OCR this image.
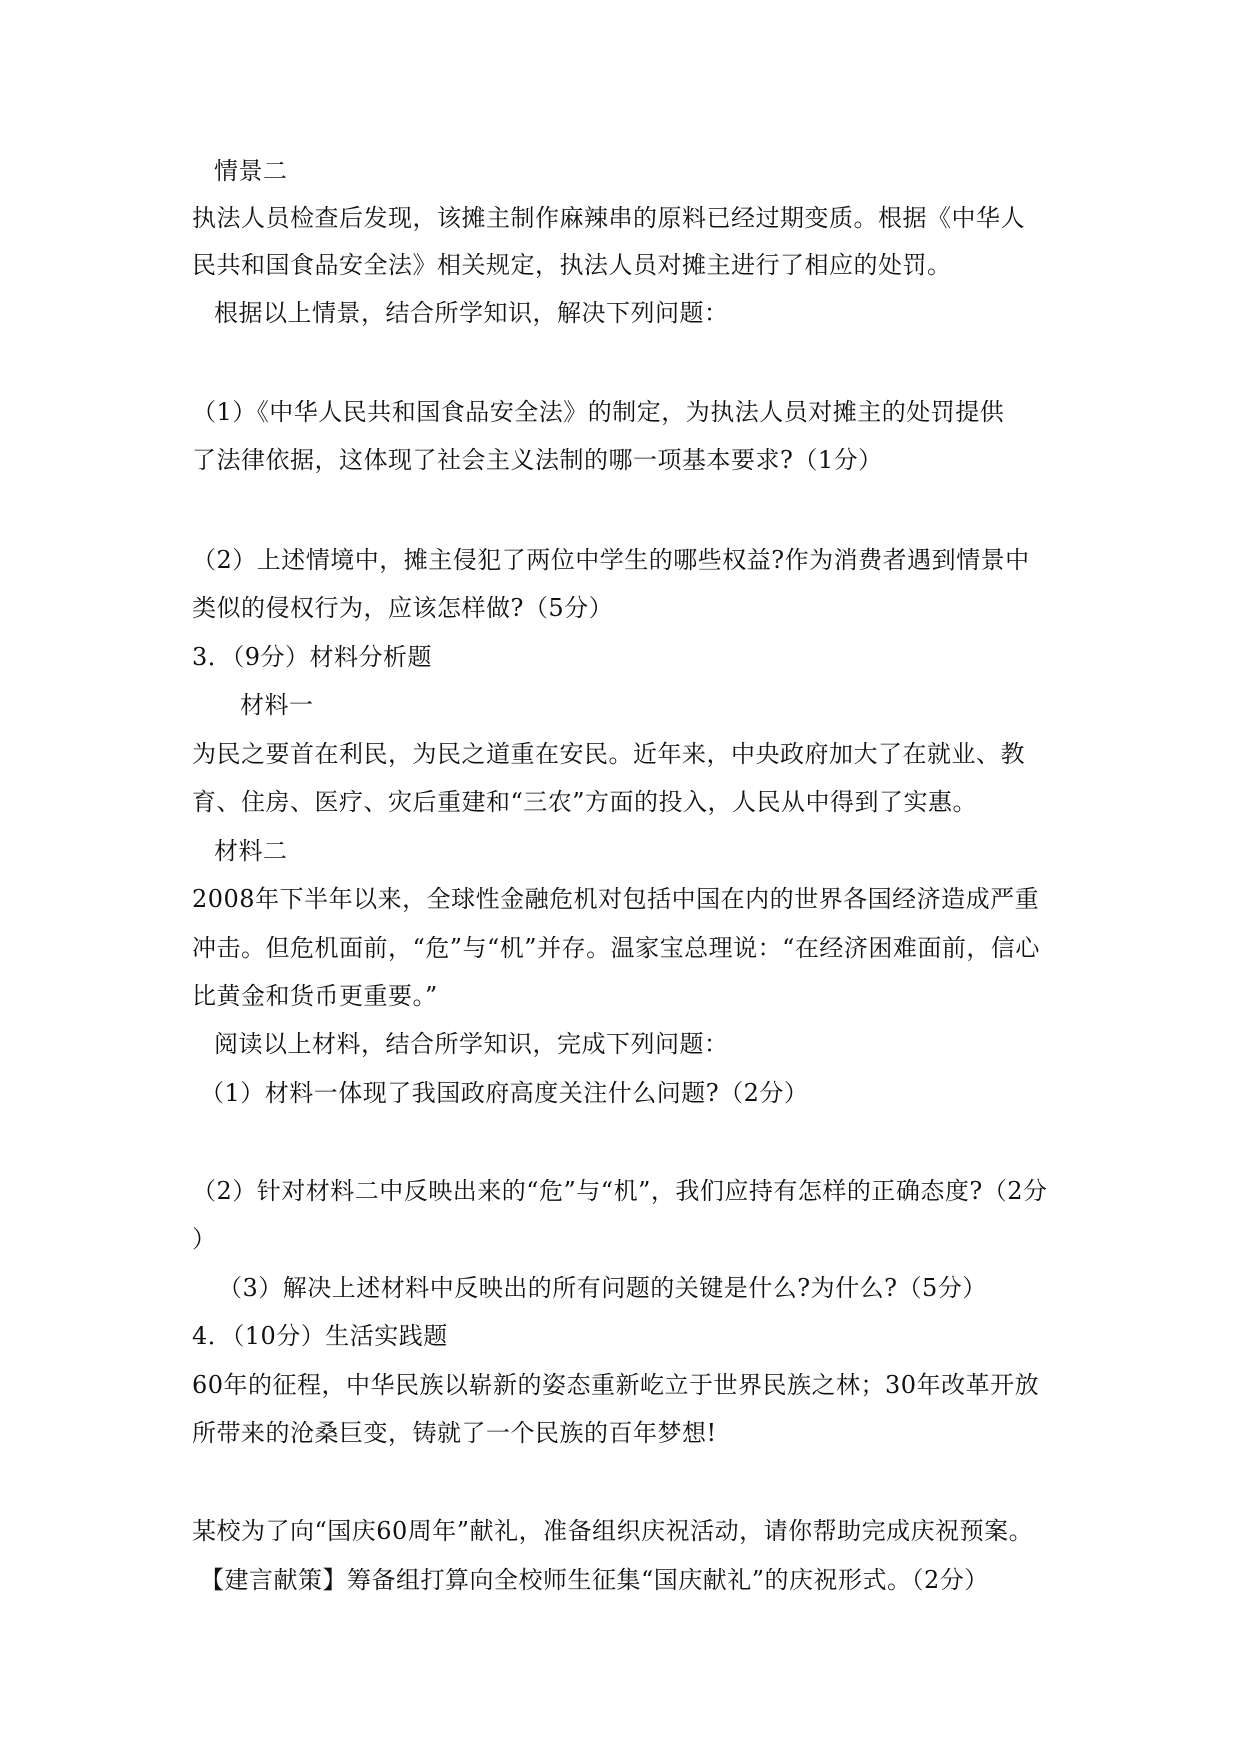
情景二
执法人员检查后发现，该摊主制作麻辣串的原料已经过期变质。根据《中华人
民共和国食品安全法》相关规定，执法人员对摊主进行了相应的处罚。
根据以上情景，结合所学知识，解决下列问题：
（1）《中华人民共和国食品安全法》的制定，为执法人员对摊主的处罚提供
了法律依据，这体现了社会主义法制的哪一项基本要求?（1分）
（2）上述情境中，摊主侵犯了两位中学生的哪些权益?作为消费者遇到情景中
类似的侵权行为，应该怎样做?（5分）
3．（9分）材料分析题
材料一
为民之要首在利民，为民之道重在安民。近年来，中央政府加大了在就业、教
育、住房、医疗、灾后重建和“三农”方面的投入，人民从中得到了实惠。
材料二
2008年下半年以来，全球性金融危机对包括中国在内的世界各国经济造成严重
冲击。但危机面前，“危”与“机”并存。温家宝总理说：“在经济困难面前，信心
比黄金和货币更重要。”
阅读以上材料，结合所学知识，完成下列问题：
（1）材料一体现了我国政府高度关注什么问题?（2分）
（2）针对材料二中反映出来的“危”与“机”，我们应持有怎样的正确态度?（2分
）
（3）解决上述材料中反映出的所有问题的关键是什么?为什么?（5分）
4．（10分）生活实践题
60年的征程，中华民族以崭新的姿态重新屹立于世界民族之林；30年改革开放
所带来的沧桑巨变，铸就了一个民族的百年梦想!
某校为了向“国庆60周年”献礼，准备组织庆祝活动，请你帮助完成庆祝预案。
【建言献策】筹备组打算向全校师生征集“国庆献礼”的庆祝形式。（2分）
